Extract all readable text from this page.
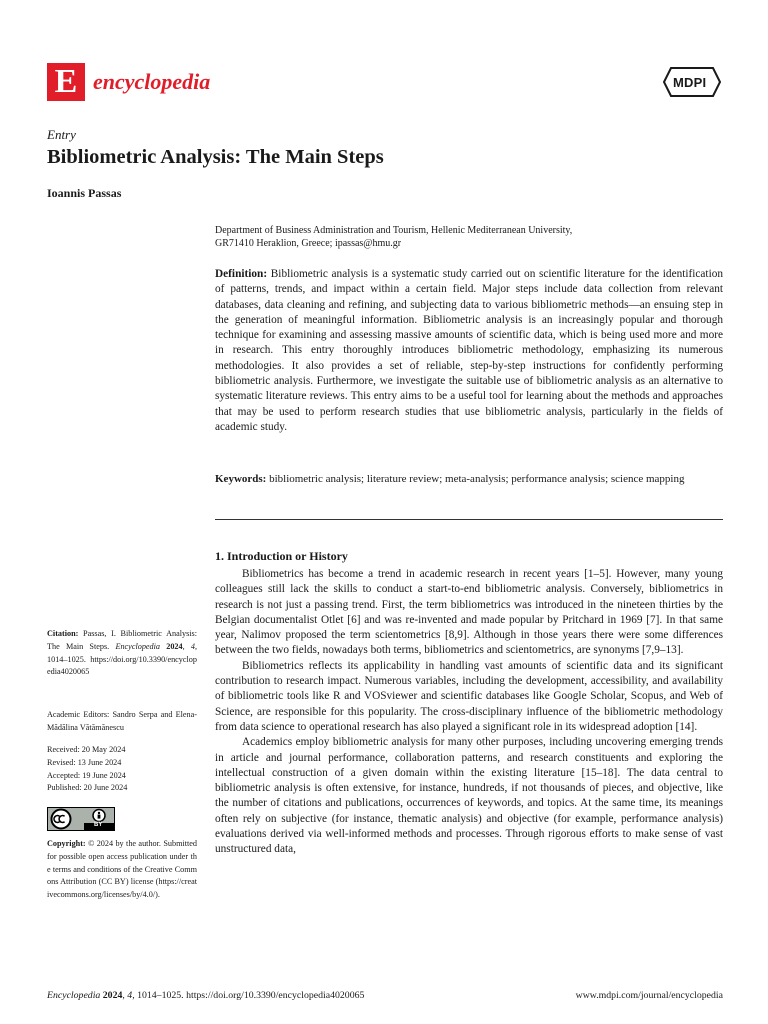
E encyclopedia	MDPI
Entry
Bibliometric Analysis: The Main Steps
Ioannis Passas
Department of Business Administration and Tourism, Hellenic Mediterranean University,
GR71410 Heraklion, Greece; ipassas@hmu.gr
Definition: Bibliometric analysis is a systematic study carried out on scientific literature for the identification of patterns, trends, and impact within a certain field. Major steps include data collection from relevant databases, data cleaning and refining, and subjecting data to various bibliometric methods—an ensuing step in the generation of meaningful information. Bibliometric analysis is an increasingly popular and thorough technique for examining and assessing massive amounts of scientific data, which is being used more and more in research. This entry thoroughly introduces bibliometric methodology, emphasizing its numerous methodologies. It also provides a set of reliable, step-by-step instructions for confidently performing bibliometric analysis. Furthermore, we investigate the suitable use of bibliometric analysis as an alternative to systematic literature reviews. This entry aims to be a useful tool for learning about the methods and approaches that may be used to perform research studies that use bibliometric analysis, particularly in the fields of academic study.
Keywords: bibliometric analysis; literature review; meta-analysis; performance analysis; science mapping
1. Introduction or History

Bibliometrics has become a trend in academic research in recent years [1–5]. However, many young colleagues still lack the skills to conduct a start-to-end bibliometric analysis. Conversely, bibliometrics in research is not just a passing trend. First, the term bibliometrics was introduced in the nineteen thirties by the Belgian documentalist Otlet [6] and was re-invented and made popular by Pritchard in 1969 [7]. In that same year, Nalimov proposed the term scientometrics [8,9]. Although in those years there were some differences between the two fields, nowadays both terms, bibliometrics and scientometrics, are synonyms [7,9–13].

Bibliometrics reflects its applicability in handling vast amounts of scientific data and its significant contribution to research impact. Numerous variables, including the development, accessibility, and availability of bibliometric tools like R and VOSviewer and scientific databases like Google Scholar, Scopus, and Web of Science, are responsible for this popularity. The cross-disciplinary influence of the bibliometric methodology from data science to operational research has also played a significant role in its widespread adoption [14].

Academics employ bibliometric analysis for many other purposes, including uncovering emerging trends in article and journal performance, collaboration patterns, and research constituents and exploring the intellectual construction of a given domain within the existing literature [15–18]. The data central to bibliometric analysis is often extensive, for instance, hundreds, if not thousands of pieces, and objective, like the number of citations and publications, occurrences of keywords, and topics. At the same time, its meanings often rely on subjective (for instance, thematic analysis) and objective (for example, performance analysis) evaluations derived via well-informed methods and processes. Through rigorous efforts to make sense of vast unstructured data,

Citation: Passas, I. Bibliometric Analysis: The Main Steps. Encyclopedia 2024, 4, 1014–1025. https://doi.org/10.3390/encyclopedia4020065
Academic Editors: Sandro Serpa and Elena-Mădălina Vătămănescu
Received: 20 May 2024
Revised: 13 June 2024
Accepted: 19 June 2024
Published: 20 June 2024
BY
Copyright: © 2024 by the author. Submitted for possible open access publication under the terms and conditions of the Creative Commons Attribution (CC BY) license (https://creativecommons.org/licenses/by/4.0/).
Encyclopedia 2024, 4, 1014–1025. https://doi.org/10.3390/encyclopedia4020065	www.mdpi.com/journal/encyclopedia
